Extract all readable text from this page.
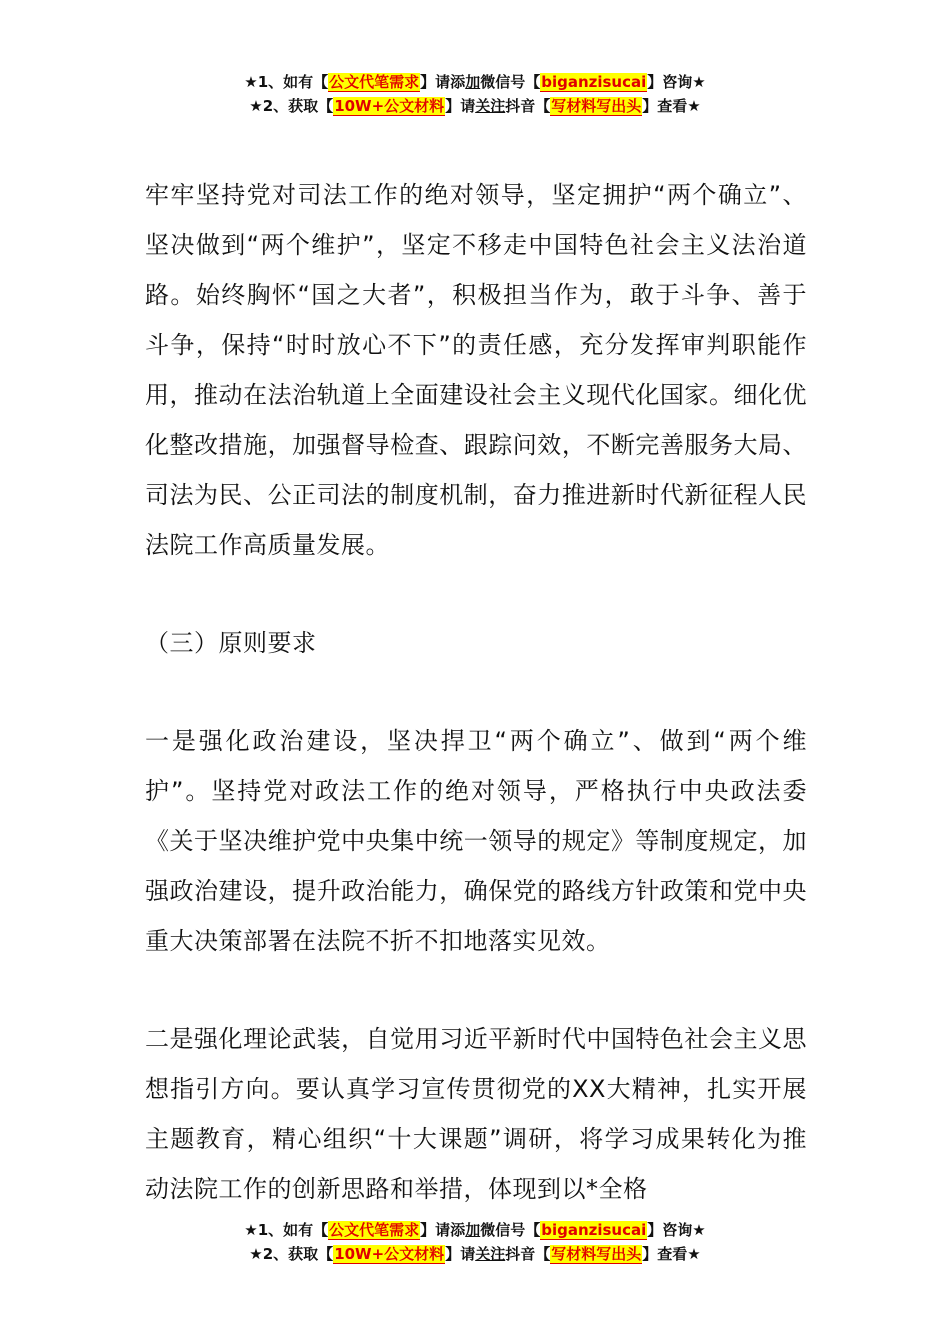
★1、如有【公文代笔需求】请添加微信号【biganzisucai】咨询★
★2、获取【10W+公文材料】请关注抖音【写材料写出头】查看★

牢牢坚持党对司法工作的绝对领导，坚定拥护“两个确立”、坚决做到“两个维护”，坚定不移走中国特色社会主义法治道路。始终胸怀“国之大者”，积极担当作为，敢于斗争、善于斗争，保持“时时放心不下”的责任感，充分发挥审判职能作用，推动在法治轨道上全面建设社会主义现代化国家。细化优化整改措施，加强督导检查、跟踪问效，不断完善服务大局、司法为民、公正司法的制度机制，奋力推进新时代新征程人民法院工作高质量发展。

（三）原则要求

一是强化政治建设，坚决捍卫“两个确立”、做到“两个维护”。坚持党对政法工作的绝对领导，严格执行中央政法委《关于坚决维护党中央集中统一领导的规定》等制度规定，加强政治建设，提升政治能力，确保党的路线方针政策和党中央重大决策部署在法院不折不扣地落实见效。

二是强化理论武装，自觉用习近平新时代中国特色社会主义思想指引方向。要认真学习宣传贯彻党的XX大精神，扎实开展主题教育，精心组织“十大课题”调研，将学习成果转化为推动法院工作的创新思路和举措，体现到以*全格

★1、如有【公文代笔需求】请添加微信号【biganzisucai】咨询★
★2、获取【10W+公文材料】请关注抖音【写材料写出头】查看★
